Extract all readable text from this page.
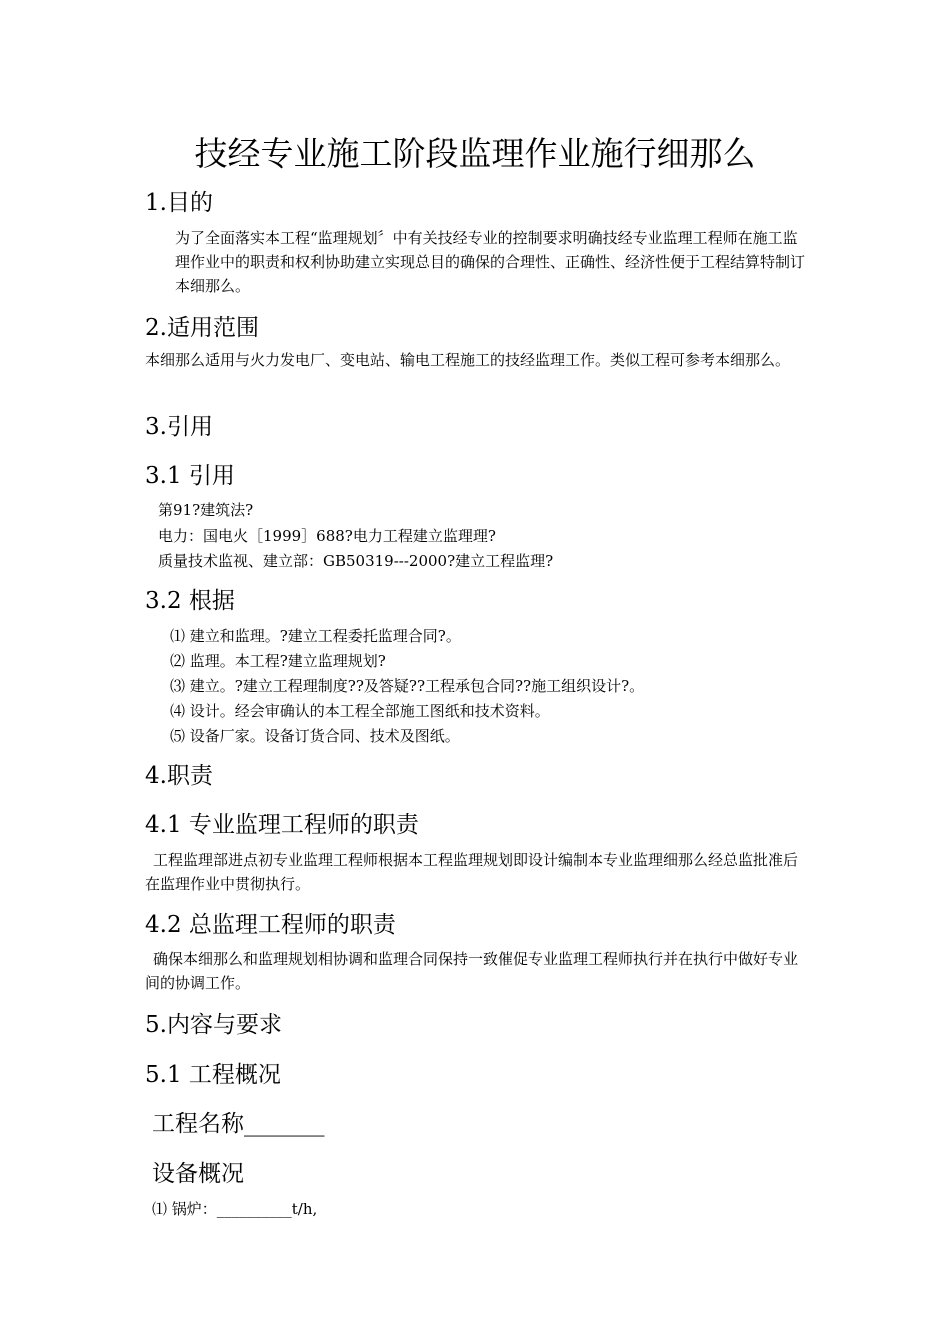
技经专业施工阶段监理作业施行细那么
1.目的
为了全面落实本工程“监理规划〞中有关技经专业的控制要求明确技经专业监理工程师在施工监理作业中的职责和权利协助建立实现总目的确保的合理性、正确性、经济性便于工程结算特制订本细那么。
2.适用范围
本细那么适用与火力发电厂、变电站、输电工程施工的技经监理工作。类似工程可参考本细那么。
3.引用
3.1 引用
第91?建筑法?
电力：国电火［1999］688?电力工程建立监理理?
质量技术监视、建立部：GB50319---2000?建立工程监理?
3.2 根据
⑴ 建立和监理。?建立工程委托监理合同?。
⑵ 监理。本工程?建立监理规划?
⑶ 建立。?建立工程理制度??及答疑??工程承包合同??施工组织设计?。
⑷ 设计。经会审确认的本工程全部施工图纸和技术资料。
⑸ 设备厂家。设备订货合同、技术及图纸。
4.职责
4.1 专业监理工程师的职责
工程监理部进点初专业监理工程师根据本工程监理规划即设计编制本专业监理细那么经总监批准后在监理作业中贯彻执行。
4.2 总监理工程师的职责
确保本细那么和监理规划相协调和监理合同保持一致催促专业监理工程师执行并在执行中做好专业间的协调工作。
5.内容与要求
5.1 工程概况
工程名称_______
设备概况
⑴ 锅炉：__________t/h,
